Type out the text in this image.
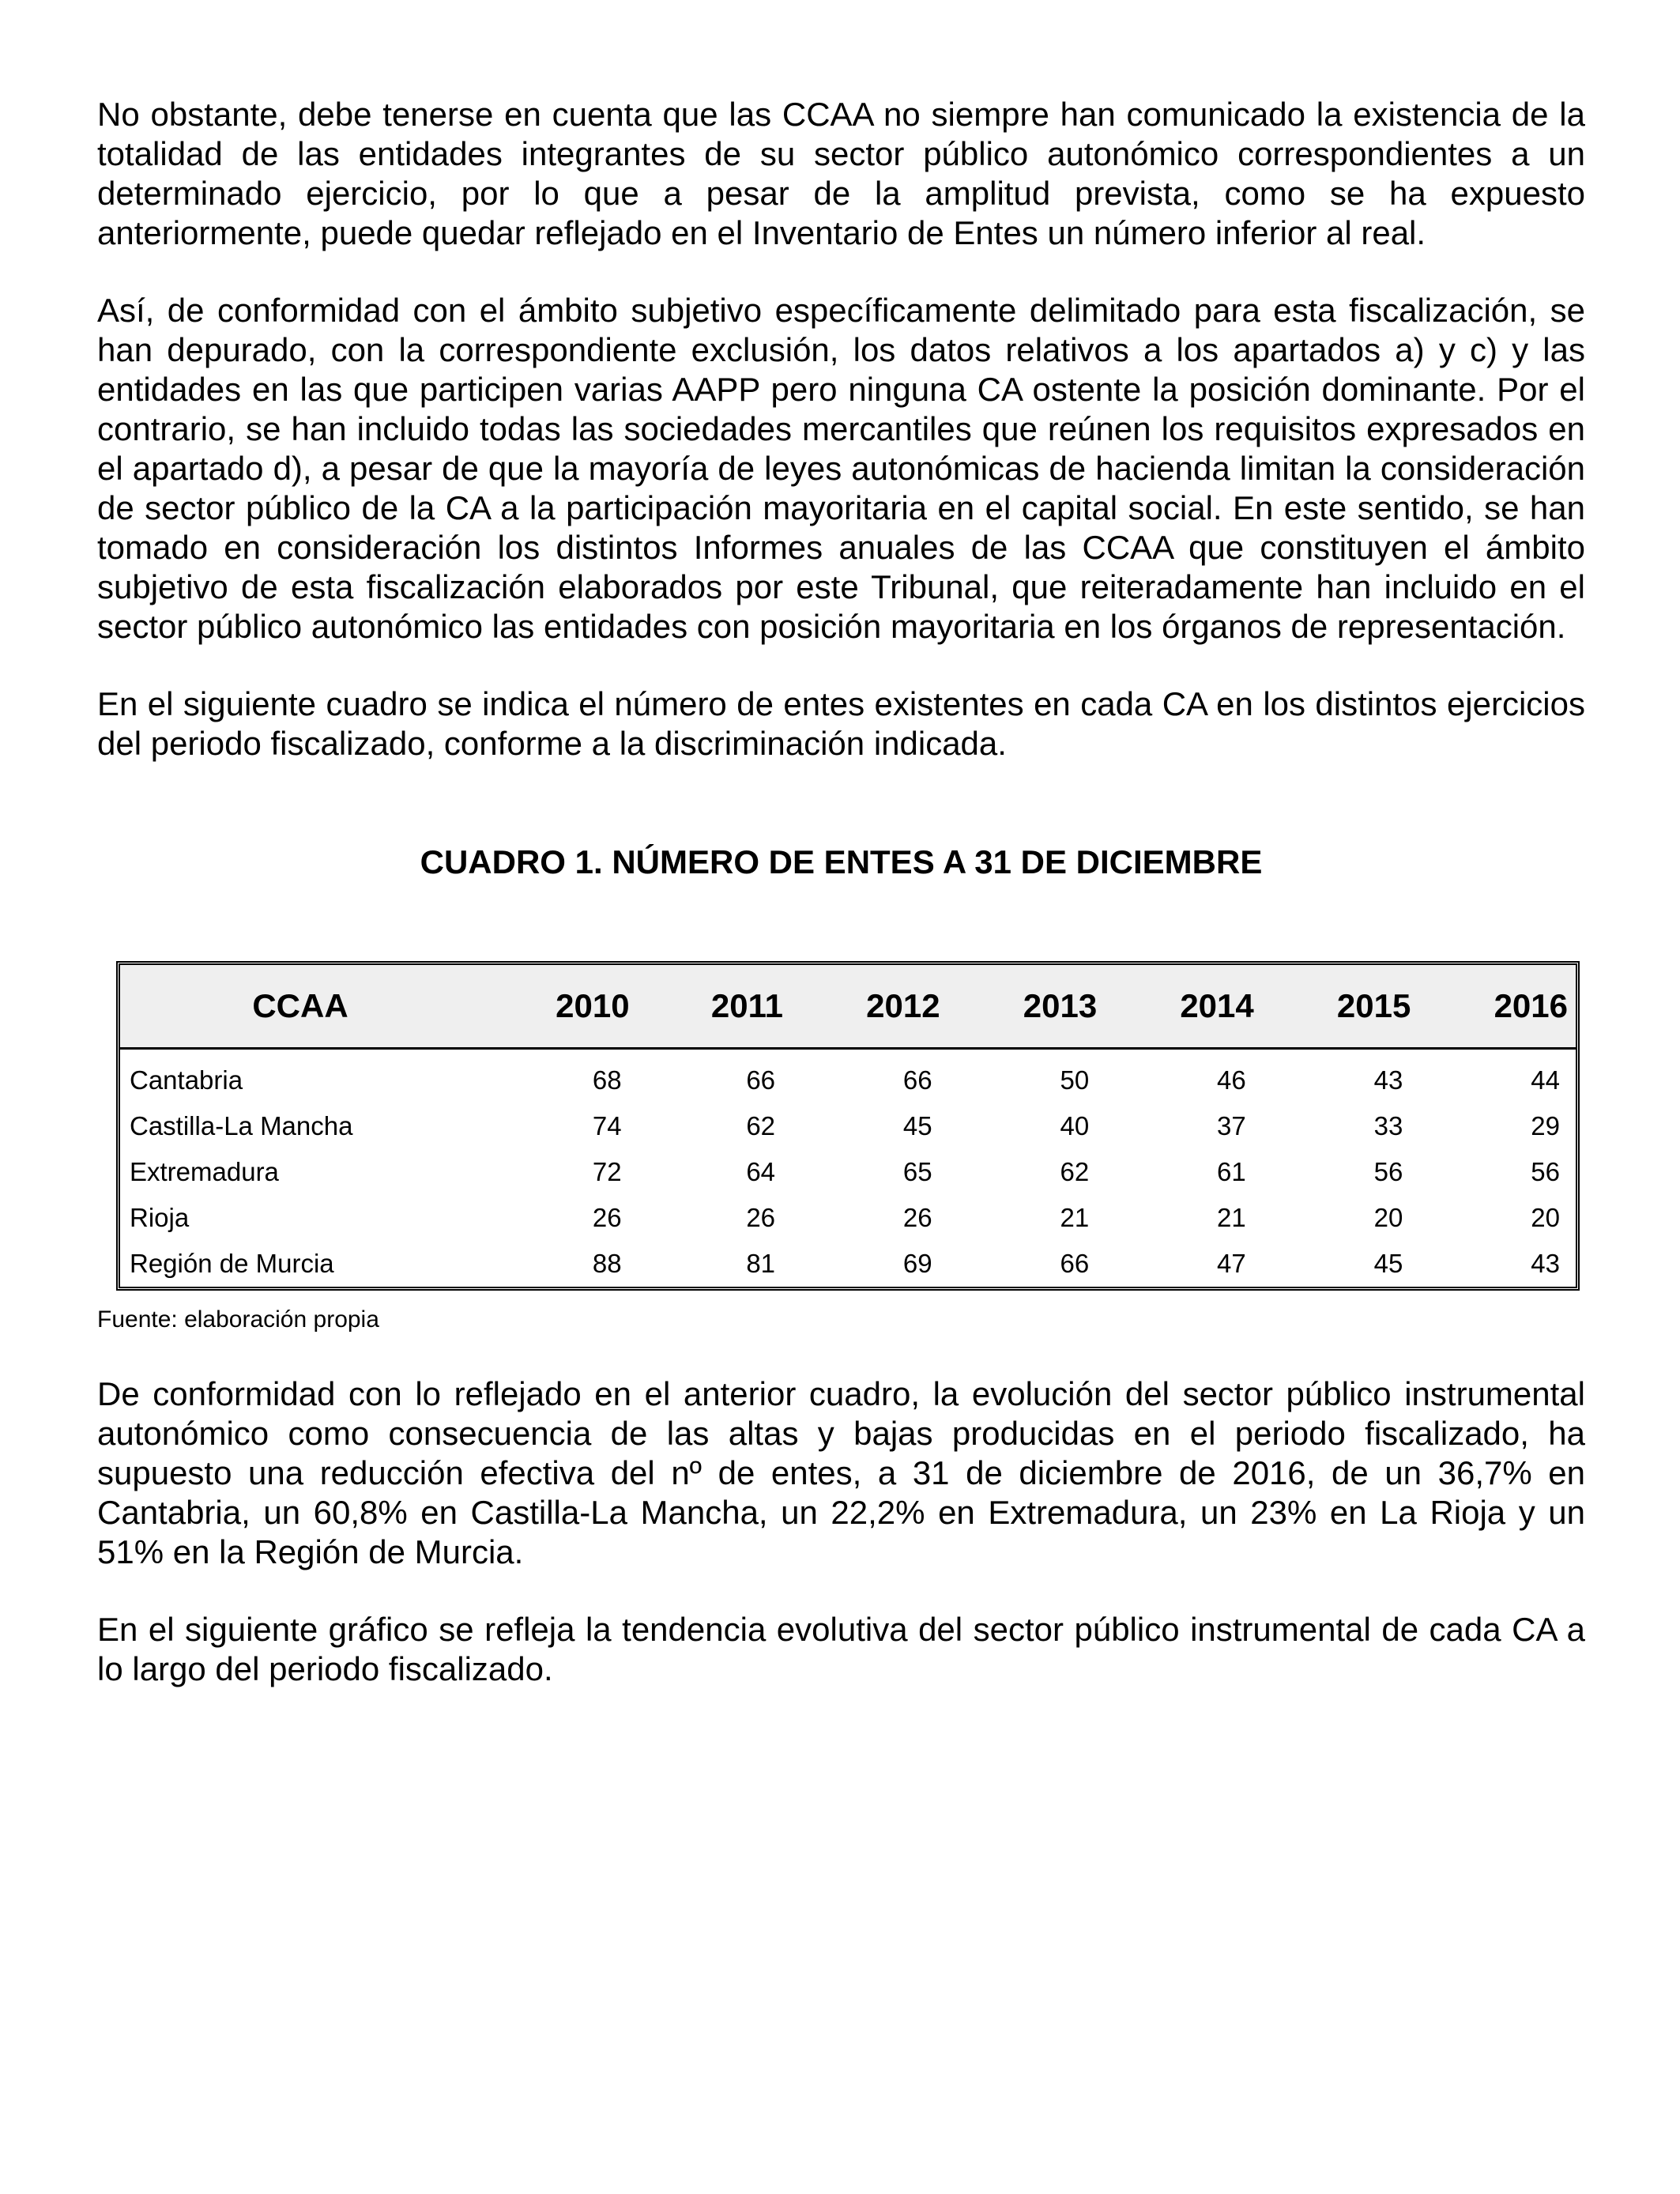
No obstante, debe tenerse en cuenta que las CCAA no siempre han comunicado la existencia de la totalidad de las entidades integrantes de su sector público autonómico correspondientes a un determinado ejercicio, por lo que a pesar de la amplitud prevista, como se ha expuesto anteriormente, puede quedar reflejado en el Inventario de Entes un número inferior al real.

Así, de conformidad con el ámbito subjetivo específicamente delimitado para esta fiscalización, se han depurado, con la correspondiente exclusión, los datos relativos a los apartados a) y c) y las entidades en las que participen varias AAPP pero ninguna CA ostente la posición dominante. Por el contrario, se han incluido todas las sociedades mercantiles que reúnen los requisitos expresados en el apartado d), a pesar de que la mayoría de leyes autonómicas de hacienda limitan la consideración de sector público de la CA a la participación mayoritaria en el capital social. En este sentido, se han tomado en consideración los distintos Informes anuales de las CCAA que constituyen el ámbito subjetivo de esta fiscalización elaborados por este Tribunal, que reiteradamente han incluido en el sector público autonómico las entidades con posición mayoritaria en los órganos de representación.

En el siguiente cuadro se indica el número de entes existentes en cada CA en los distintos ejercicios del periodo fiscalizado, conforme a la discriminación indicada.

CUADRO 1. NÚMERO DE ENTES A 31 DE DICIEMBRE

CCAA	2010	2011	2012	2013	2014	2015	2016
Cantabria	68	66	66	50	46	43	44
Castilla-La Mancha	74	62	45	40	37	33	29
Extremadura	72	64	65	62	61	56	56
Rioja	26	26	26	21	21	20	20
Región de Murcia	88	81	69	66	47	45	43

Fuente: elaboración propia

De conformidad con lo reflejado en el anterior cuadro, la evolución del sector público instrumental autonómico como consecuencia de las altas y bajas producidas en el periodo fiscalizado, ha supuesto una reducción efectiva del nº de entes, a 31 de diciembre de 2016, de un 36,7% en Cantabria, un 60,8% en Castilla-La Mancha, un 22,2% en Extremadura, un 23% en La Rioja y un 51% en la Región de Murcia.

En el siguiente gráfico se refleja la tendencia evolutiva del sector público instrumental de cada CA a lo largo del periodo fiscalizado.
